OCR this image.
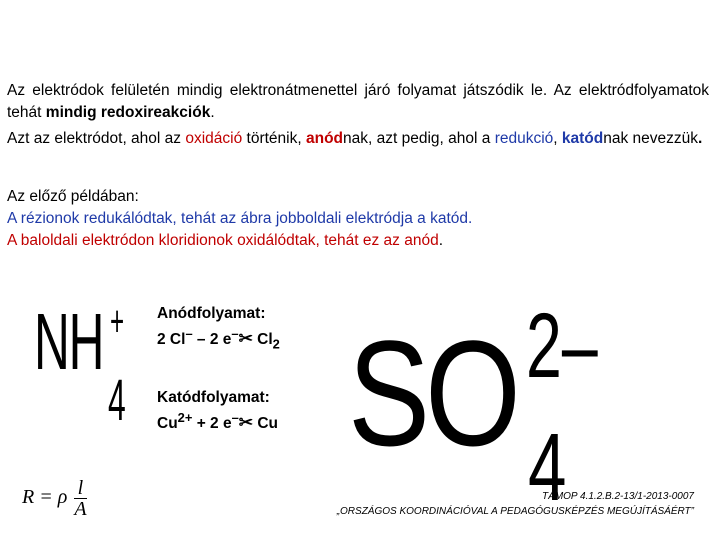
Az elektródok felületén mindig elektronátmenettel járó folyamat játszódik le. Az elektródfolyamatok tehát mindig redoxireakciók.
Azt az elektródot, ahol az oxidáció történik, anódnak, azt pedig, ahol a redukció, katódnak nevezzük.
Az előző példában:
A rézionok redukálódtak, tehát az ábra jobboldali elektródja a katód.
A baloldali elektródon kloridionok oxidálódtak, tehát ez az anód.
NH +
4 SO 2–
4
Anódfolyamat:
2 Cl– – 2 e–✂ $Cl_2$
Katódfolyamat:
$Cu^{2+} + 2$ e–✂ Cu
R = ρ $\frac{l}{A}$	TÁMOP 4.1.2.B.2-13/1-2013-0007
„ORSZÁGOS KOORDINÁCIÓVAL A PEDAGÓGUSKÉPZÉS MEGÚJÍTÁSÁÉRT”
